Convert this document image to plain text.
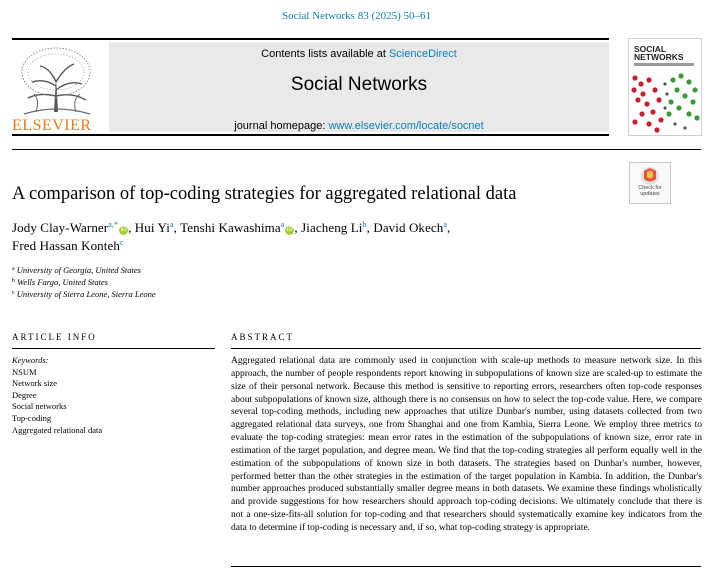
Social Networks 83 (2025) 50–61
ELSEVIER
Contents lists available at ScienceDirect
Social Networks
journal homepage: www.elsevier.com/locate/socnet
SOCIAL
NETWORKS
A comparison of top-coding strategies for aggregated relational data	Check for
updates
Jody Clay-Warner$^{a,*}$iD , Hui Yi$^a$, Tenshi Kawashima$^a$iD , Jiacheng Li$^b$, David Okech$^a$,
Fred Hassan Konteh$^c$
$^a$ University of Georgia, United States
$^b$ Wells Fargo, United States
$^c$ University of Sierra Leone, Sierra Leone
ARTICLE INFO	ABSTRACT
Keywords:
NSUM
Network size
Degree
Social networks
Top-coding
Aggregated relational data
Aggregated relational data are commonly used in conjunction with scale-up methods to measure network size. In this approach, the number of people respondents report knowing in subpopulations of known size are scaled-up to estimate the size of their personal network. Because this method is sensitive to reporting errors, researchers often top-code responses about subpopulations of known size, although there is no consensus on how to select the top-code value. Here, we compare several top-coding methods, including new approaches that utilize Dunbar's number, using datasets collected from two aggregated relational data surveys, one from Shanghai and one from Kambia, Sierra Leone. We employ three metrics to evaluate the top-coding strategies: mean error rates in the estimation of the subpopulations of known size, error rate in estimation of the target population, and degree mean. We find that the top-coding strategies all perform equally well in the estimation of the subpopulations of known size in both datasets. The strategies based on Dunbar's number, however, performed better than the other strategies in the estimation of the target population in Kambia. In addition, the Dunbar's number approaches produced substantially smaller degree means in both datasets. We examine these findings wholistically and provide suggestions for how researchers should approach top-coding decisions. We ultimately conclude that there is not a one-size-fits-all solution for top-coding and that researchers should systematically examine key indicators from the data to determine if top-coding is necessary and, if so, what top-coding strategy is appropriate.
